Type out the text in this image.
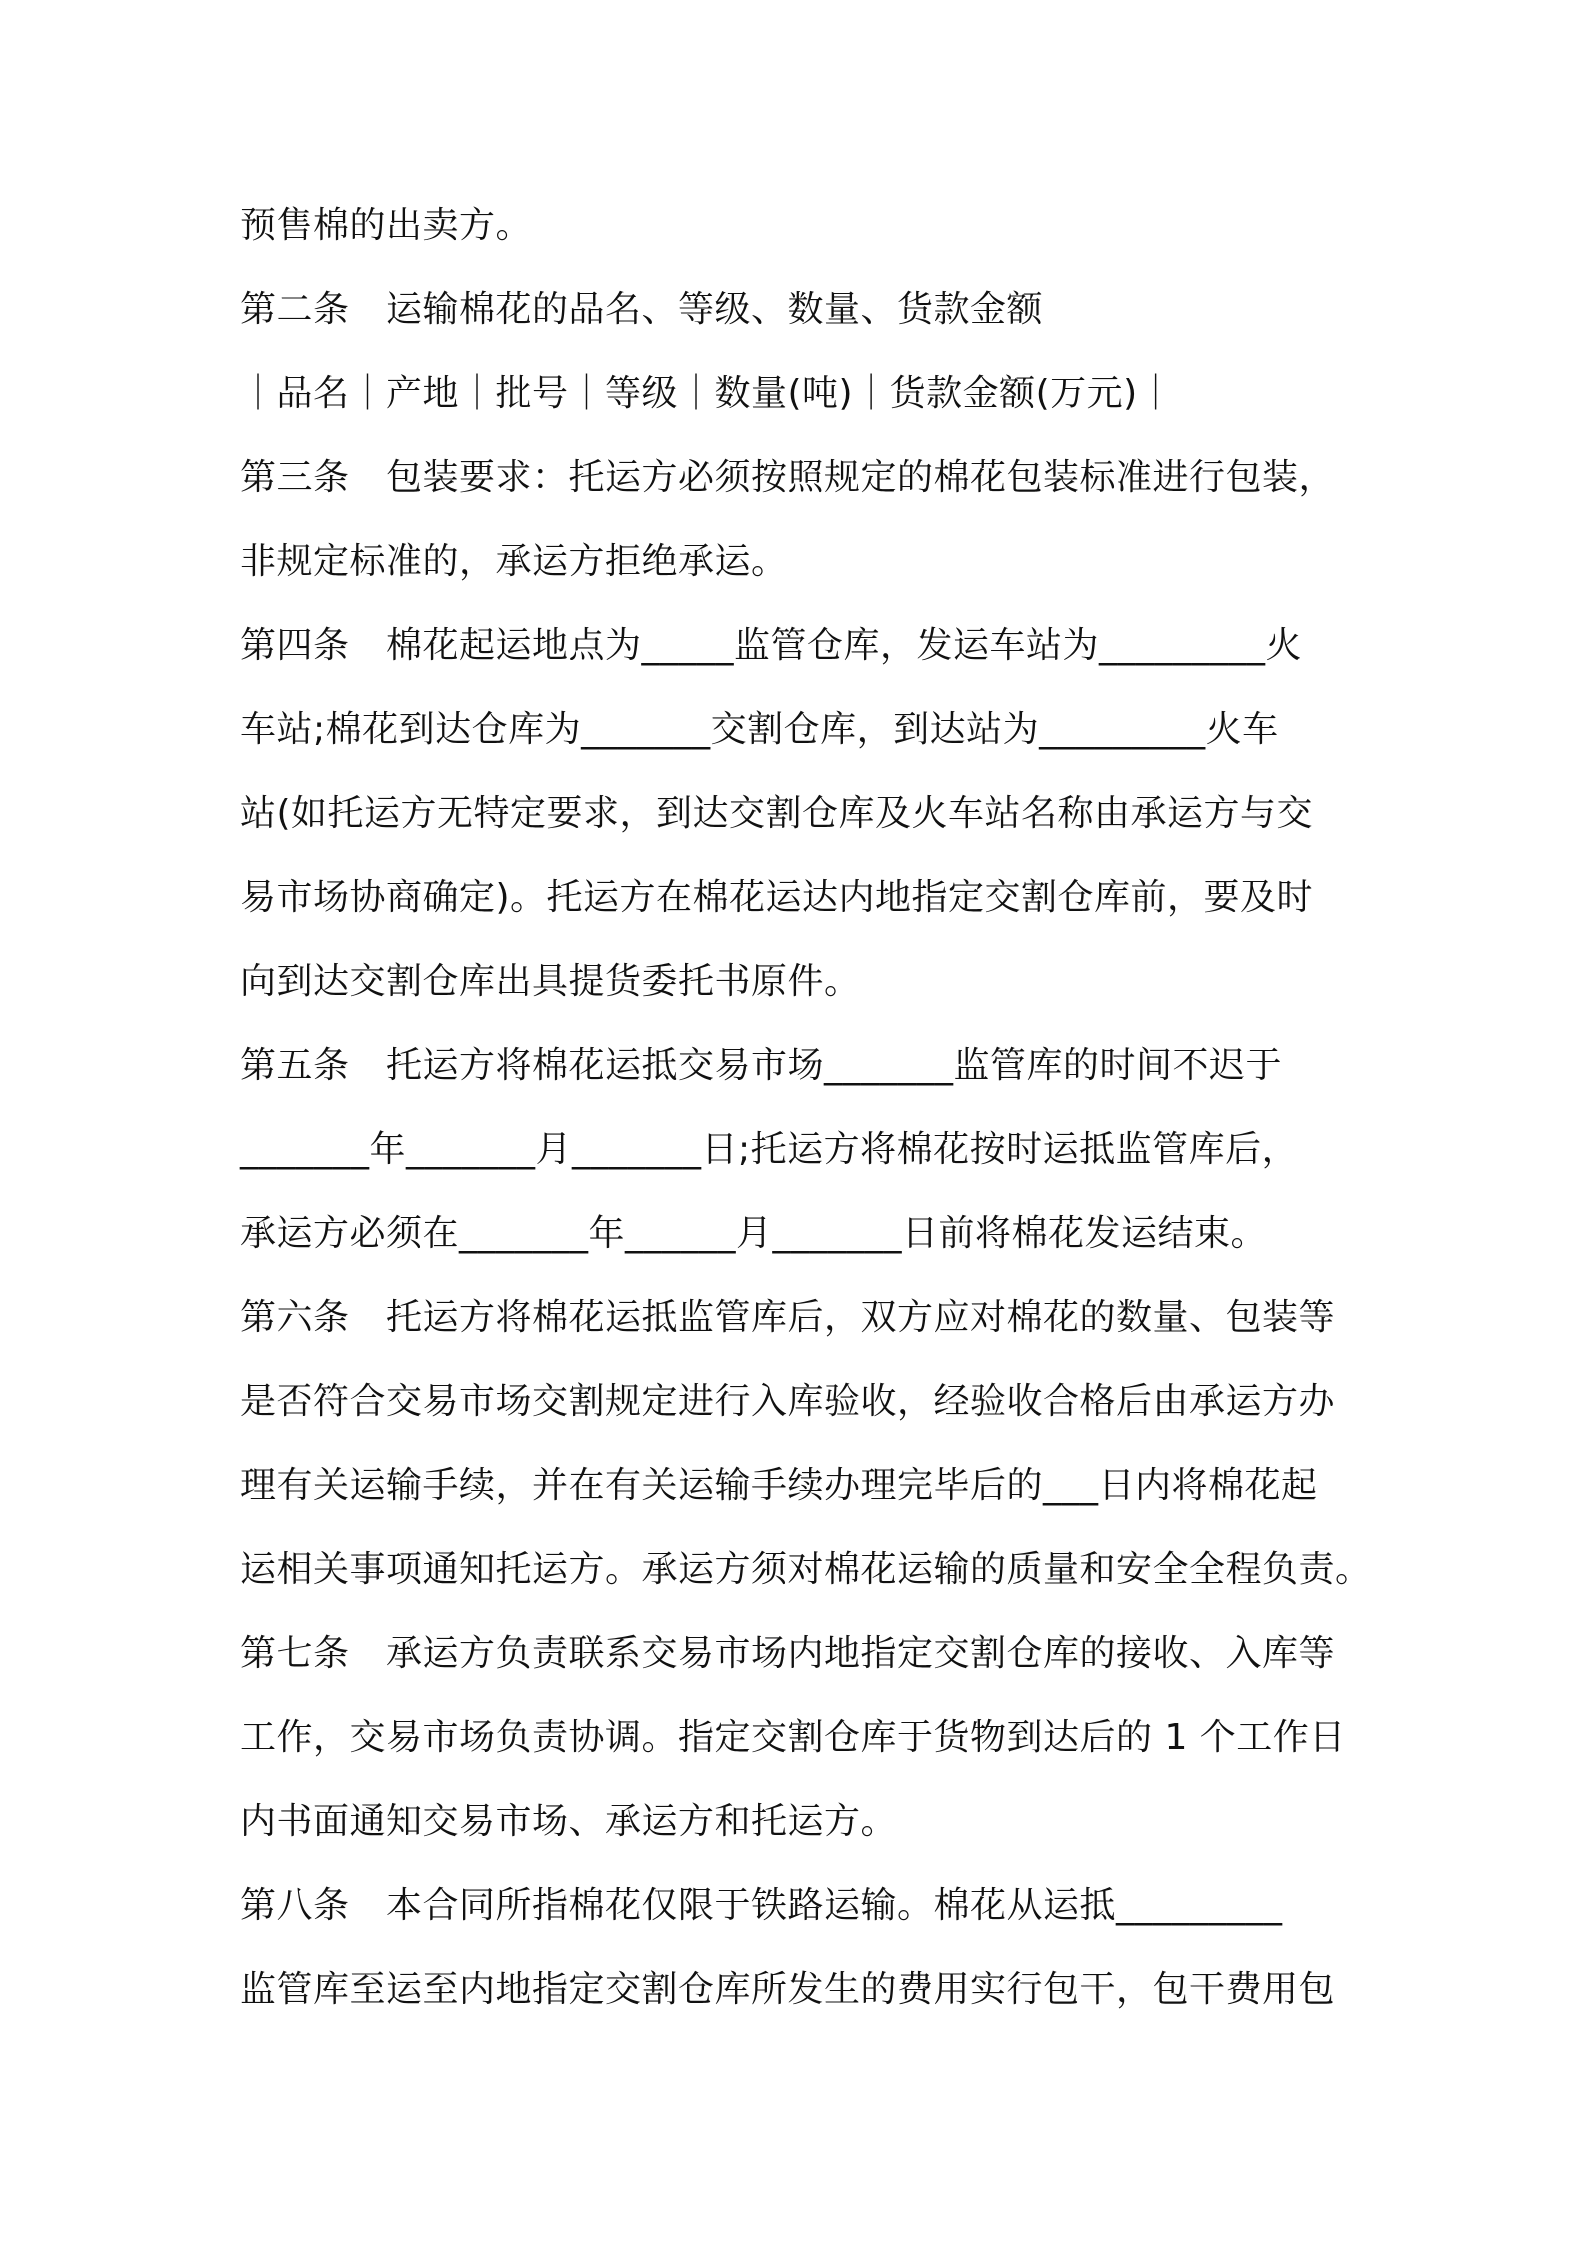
预售棉的出卖方。

第二条　运输棉花的品名、等级、数量、货款金额

｜品名｜产地｜批号｜等级｜数量(吨)｜货款金额(万元)｜

第三条　包装要求：托运方必须按照规定的棉花包装标准进行包装，

非规定标准的，承运方拒绝承运。

第四条　棉花起运地点为_____监管仓库，发运车站为_________火

车站;棉花到达仓库为_______交割仓库，到达站为_________火车

站(如托运方无特定要求，到达交割仓库及火车站名称由承运方与交

易市场协商确定)。托运方在棉花运达内地指定交割仓库前，要及时

向到达交割仓库出具提货委托书原件。

第五条　托运方将棉花运抵交易市场_______监管库的时间不迟于

_______年_______月_______日;托运方将棉花按时运抵监管库后，

承运方必须在_______年______月_______日前将棉花发运结束。

第六条　托运方将棉花运抵监管库后，双方应对棉花的数量、包装等

是否符合交易市场交割规定进行入库验收，经验收合格后由承运方办

理有关运输手续，并在有关运输手续办理完毕后的___日内将棉花起

运相关事项通知托运方。承运方须对棉花运输的质量和安全全程负责。

第七条　承运方负责联系交易市场内地指定交割仓库的接收、入库等

工作，交易市场负责协调。指定交割仓库于货物到达后的 1 个工作日

内书面通知交易市场、承运方和托运方。

第八条　本合同所指棉花仅限于铁路运输。棉花从运抵_________

监管库至运至内地指定交割仓库所发生的费用实行包干，包干费用包
